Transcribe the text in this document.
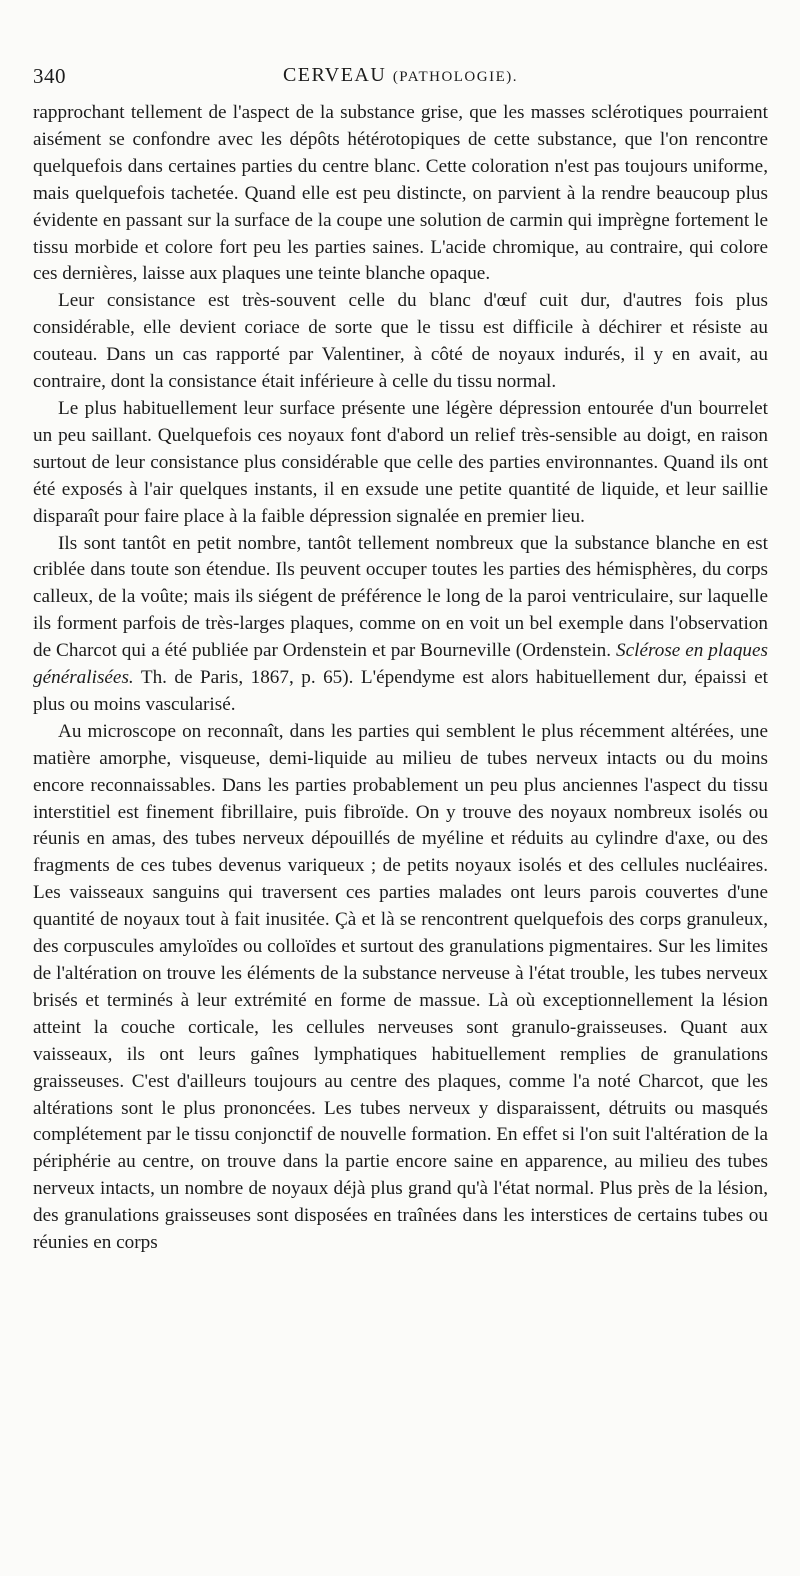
340	CERVEAU (PATHOLOGIE).

rapprochant tellement de l'aspect de la substance grise, que les masses sclérotiques pourraient aisément se confondre avec les dépôts hétérotopiques de cette substance, que l'on rencontre quelquefois dans certaines parties du centre blanc. Cette coloration n'est pas toujours uniforme, mais quelquefois tachetée. Quand elle est peu distincte, on parvient à la rendre beaucoup plus évidente en passant sur la surface de la coupe une solution de carmin qui imprègne fortement le tissu morbide et colore fort peu les parties saines. L'acide chromique, au contraire, qui colore ces dernières, laisse aux plaques une teinte blanche opaque.

Leur consistance est très-souvent celle du blanc d'œuf cuit dur, d'autres fois plus considérable, elle devient coriace de sorte que le tissu est difficile à déchirer et résiste au couteau. Dans un cas rapporté par Valentiner, à côté de noyaux indurés, il y en avait, au contraire, dont la consistance était inférieure à celle du tissu normal.

Le plus habituellement leur surface présente une légère dépression entourée d'un bourrelet un peu saillant. Quelquefois ces noyaux font d'abord un relief très-sensible au doigt, en raison surtout de leur consistance plus considérable que celle des parties environnantes. Quand ils ont été exposés à l'air quelques instants, il en exsude une petite quantité de liquide, et leur saillie disparaît pour faire place à la faible dépression signalée en premier lieu.

Ils sont tantôt en petit nombre, tantôt tellement nombreux que la substance blanche en est criblée dans toute son étendue. Ils peuvent occuper toutes les parties des hémisphères, du corps calleux, de la voûte; mais ils siégent de préférence le long de la paroi ventriculaire, sur laquelle ils forment parfois de très-larges plaques, comme on en voit un bel exemple dans l'observation de Charcot qui a été publiée par Ordenstein et par Bourneville (Ordenstein. Sclérose en plaques généralisées. Th. de Paris, 1867, p. 65). L'épendyme est alors habituellement dur, épaissi et plus ou moins vascularisé.

Au microscope on reconnaît, dans les parties qui semblent le plus récemment altérées, une matière amorphe, visqueuse, demi-liquide au milieu de tubes nerveux intacts ou du moins encore reconnaissables. Dans les parties probablement un peu plus anciennes l'aspect du tissu interstitiel est finement fibrillaire, puis fibroïde. On y trouve des noyaux nombreux isolés ou réunis en amas, des tubes nerveux dépouillés de myéline et réduits au cylindre d'axe, ou des fragments de ces tubes devenus variqueux ; de petits noyaux isolés et des cellules nucléaires. Les vaisseaux sanguins qui traversent ces parties malades ont leurs parois couvertes d'une quantité de noyaux tout à fait inusitée. Çà et là se rencontrent quelquefois des corps granuleux, des corpuscules amyloïdes ou colloïdes et surtout des granulations pigmentaires. Sur les limites de l'altération on trouve les éléments de la substance nerveuse à l'état trouble, les tubes nerveux brisés et terminés à leur extrémité en forme de massue. Là où exceptionnellement la lésion atteint la couche corticale, les cellules nerveuses sont granulo-graisseuses. Quant aux vaisseaux, ils ont leurs gaînes lymphatiques habituellement remplies de granulations graisseuses. C'est d'ailleurs toujours au centre des plaques, comme l'a noté Charcot, que les altérations sont le plus prononcées. Les tubes nerveux y disparaissent, détruits ou masqués complétement par le tissu conjonctif de nouvelle formation. En effet si l'on suit l'altération de la périphérie au centre, on trouve dans la partie encore saine en apparence, au milieu des tubes nerveux intacts, un nombre de noyaux déjà plus grand qu'à l'état normal. Plus près de la lésion, des granulations graisseuses sont disposées en traînées dans les interstices de certains tubes ou réunies en corps
